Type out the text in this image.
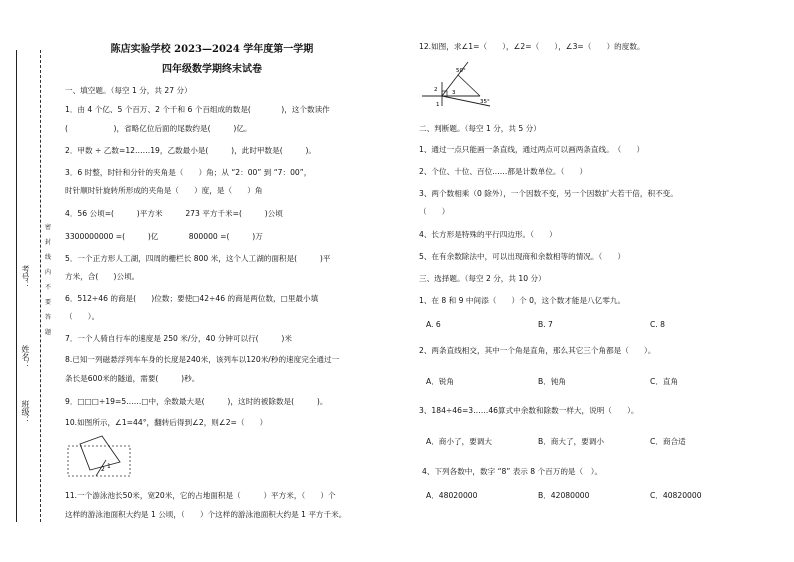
班级：
姓名：
考号：
密
封
线
内
不
要
答
题
陈店实验学校 2023—2024 学年度第一学期
四年级数学期终末试卷
一、填空题。（每空 1 分，共 27 分）
1．由 4 个亿、5 个百万、2 个千和 6 个百组成的数是(　　　　)，这个数读作
(　　　　　　)，省略亿位后面的尾数约是(　　　)亿。
2．甲数 ÷ 乙数=12……19，乙数最小是(　　　)，此时甲数是(　　　)。
3．6 时整，时针和分针的夹角是（　　）角；从 “2：00” 到 “7：00”，
时针顺时针旋转所形成的夹角是（　　）度，是（　　）角
4．56 公顷=(　　　)平方米　　　273 平方千米=(　　　)公顷
3300000000 =(　　　)亿　　　　800000 =(　　　)万
5．一个正方形人工湖，四周的栅栏长 800 米，这个人工湖的面积是(　　　)平
方米，合(　　)公顷。
6．512÷46 的商是(　　)位数；要使□42÷46 的商是两位数，□里最小填
（　　）。
7．一个人骑自行车的速度是 250 米/分，40 分钟可以行(　　　)米
8.已知一列磁悬浮列车车身的长度是240米，该列车以120米/秒的速度完全通过一
条长是600米的隧道，需要(　　　)秒。
9．□□□÷19=5……□中，余数最大是(　　　)，这时的被除数是(　　　)。
10.如图所示，∠1=44°，翻转后得到∠2，则∠2=（　　）
1
2
11.一个游泳池长50米，宽20米，它的占地面积是（　　　）平方米，（　　）个
这样的游泳池面积大约是 1 公顷，（　　）个这样的游泳池面积大约是 1 平方千米。
12.如图，求∠1=（　　），∠2=（　　），∠3=（　　）的度数。
50°
2	3
1	35°
二、判断题。（每空 1 分，共 5 分）
1、通过一点只能画一条直线，通过两点可以画两条直线。　（　　）
2、个位、十位、百位……都是计数单位。（　　）
3、两个数相乘（0 除外），一个因数不变，另一个因数扩大若干倍，积不变。
（　　）
4、长方形是特殊的平行四边形。（　　）
5、在有余数除法中，可以出现商和余数相等的情况。（　　）
三、选择题。（每空 2 分，共 10 分）
1、在 8 和 9 中间添（　　）个 0，这个数才能是八亿零九。
A. 6	B. 7	C. 8
2、两条直线相交，其中一个角是直角，那么其它三个角都是（　　）。
A．锐角	B．钝角	C．直角
3、184÷46=3……46算式中余数和除数一样大，说明（　　）。
A．商小了，要调大	B．商大了，要调小	C．商合适
4、下列各数中，数字 “8” 表示 8 个百万的是（　）。
A．48020000	B．42080000	C．40820000
